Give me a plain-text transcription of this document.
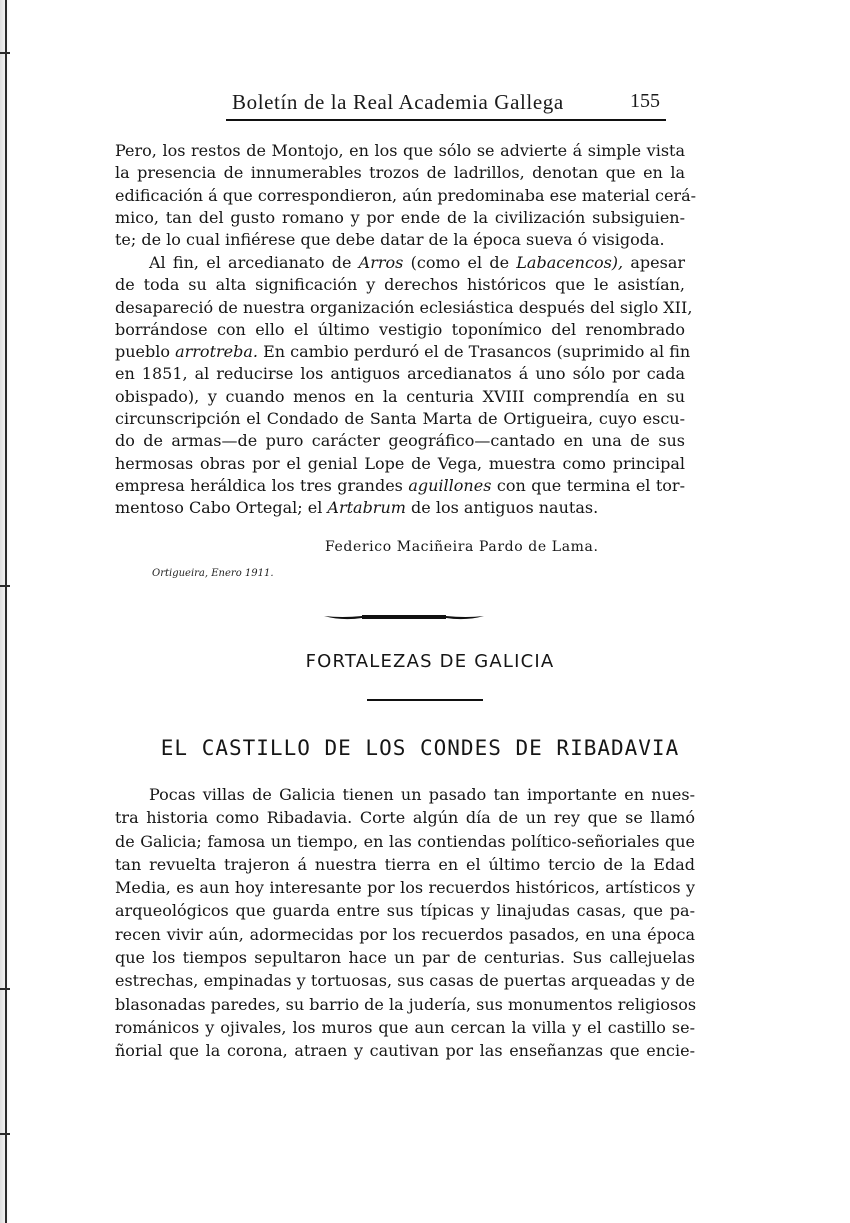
Boletín de la Real Academia Gallega	155
Pero, los restos de Montojo, en los que sólo se advierte á simple vista
la presencia de innumerables trozos de ladrillos, denotan que en la
edificación á que correspondieron, aún predominaba ese material cerá-
mico, tan del gusto romano y por ende de la civilización subsiguien-
te; de lo cual infiérese que debe datar de la época sueva ó visigoda.
Al fin, el arcedianato de Arros (como el de Labacencos), apesar
de toda su alta significación y derechos históricos que le asistían,
desapareció de nuestra organización eclesiástica después del siglo XII,
borrándose con ello el último vestigio toponímico del renombrado
pueblo arrotreba. En cambio perduró el de Trasancos (suprimido al fin
en 1851, al reducirse los antiguos arcedianatos á uno sólo por cada
obispado), y cuando menos en la centuria XVIII comprendía en su
circunscripción el Condado de Santa Marta de Ortigueira, cuyo escu-
do de armas—de puro carácter geográfico—cantado en una de sus
hermosas obras por el genial Lope de Vega, muestra como principal
empresa heráldica los tres grandes aguillones con que termina el tor-
mentoso Cabo Ortegal; el Artabrum de los antiguos nautas.
Federico Maciñeira Pardo de Lama.
Ortigueira, Enero 1911.
FORTALEZAS DE GALICIA
EL CASTILLO DE LOS CONDES DE RIBADAVIA
Pocas villas de Galicia tienen un pasado tan importante en nues-
tra historia como Ribadavia. Corte algún día de un rey que se llamó
de Galicia; famosa un tiempo, en las contiendas político-señoriales que
tan revuelta trajeron á nuestra tierra en el último tercio de la Edad
Media, es aun hoy interesante por los recuerdos históricos, artísticos y
arqueológicos que guarda entre sus típicas y linajudas casas, que pa-
recen vivir aún, adormecidas por los recuerdos pasados, en una época
que los tiempos sepultaron hace un par de centurias. Sus callejuelas
estrechas, empinadas y tortuosas, sus casas de puertas arqueadas y de
blasonadas paredes, su barrio de la judería, sus monumentos religiosos
románicos y ojivales, los muros que aun cercan la villa y el castillo se-
ñorial que la corona, atraen y cautivan por las enseñanzas que encie-
